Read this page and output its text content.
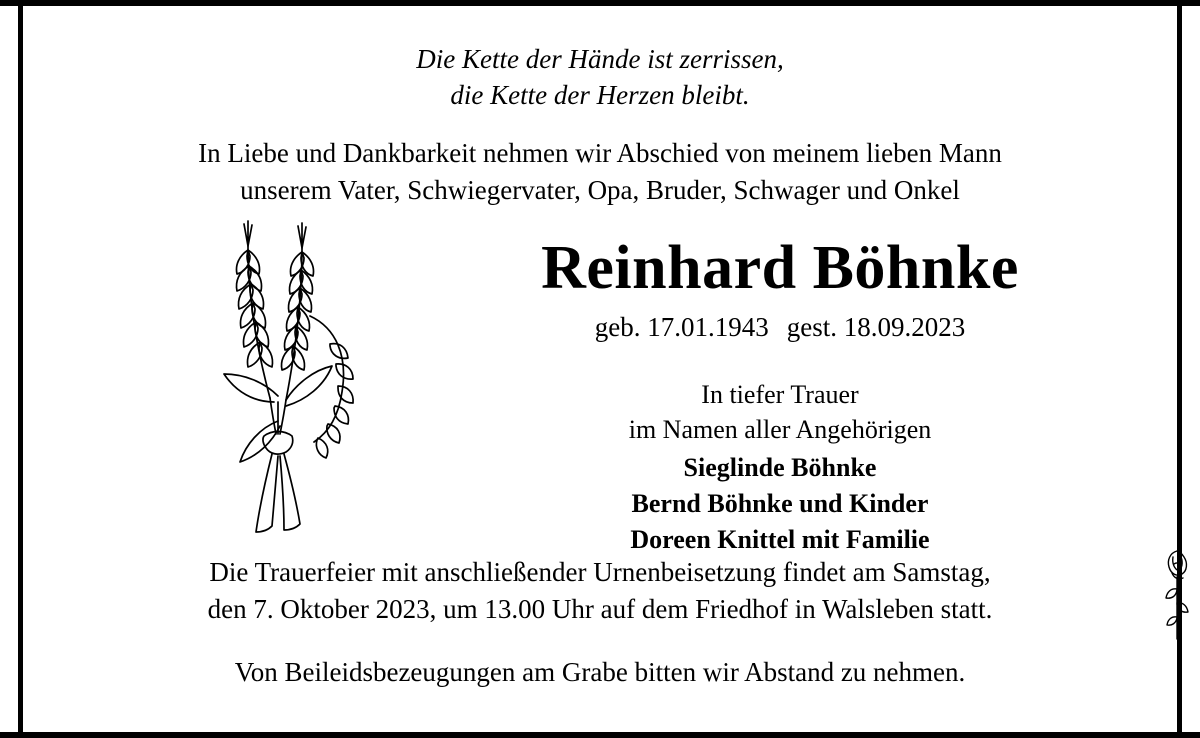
Die Kette der Hände ist zerrissen,
die Kette der Herzen bleibt.
In Liebe und Dankbarkeit nehmen wir Abschied von meinem lieben Mann
unserem Vater, Schwiegervater, Opa, Bruder, Schwager und Onkel
Reinhard Böhnke
geb. 17.01.1943 gest. 18.09.2023
In tiefer Trauer
im Namen aller Angehörigen
Sieglinde Böhnke
Bernd Böhnke und Kinder
Doreen Knittel mit Familie
Die Trauerfeier mit anschließender Urnenbeisetzung findet am Samstag,
den 7. Oktober 2023, um 13.00 Uhr auf dem Friedhof in Walsleben statt.
Von Beileidsbezeugungen am Grabe bitten wir Abstand zu nehmen.
